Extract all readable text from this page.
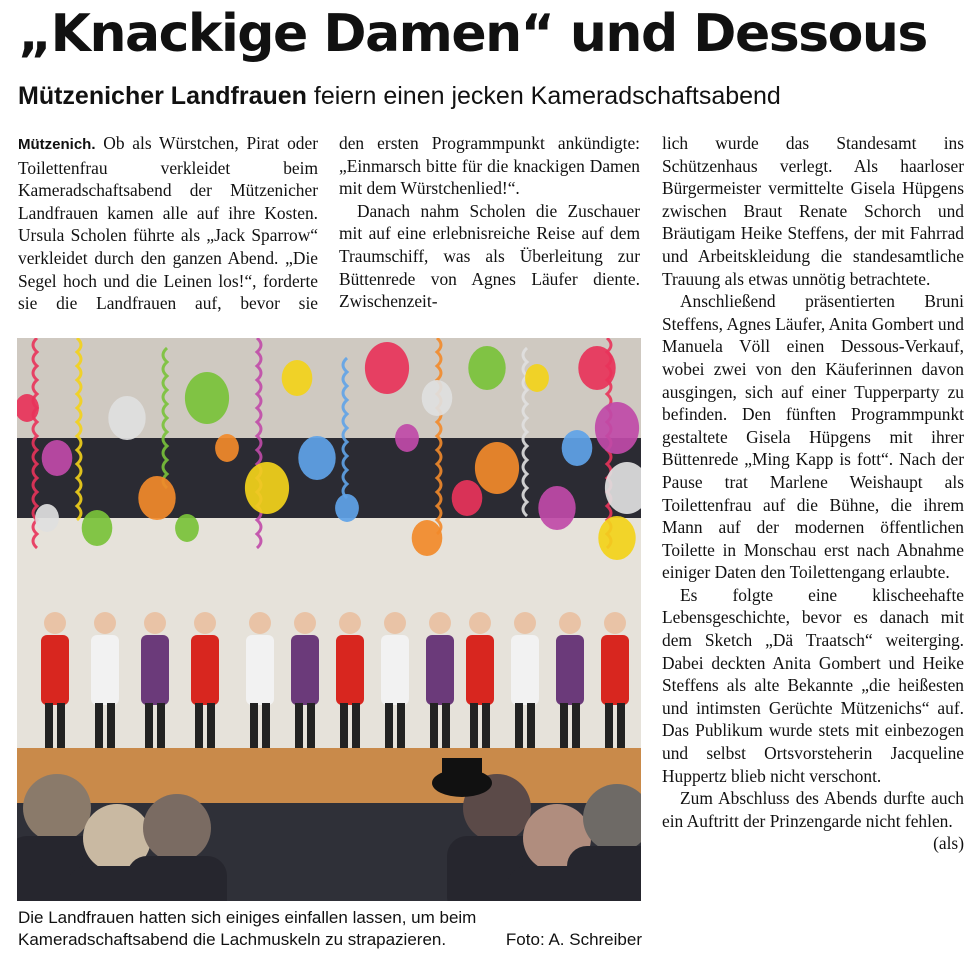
„Knackige Damen“ und Dessous
Mützenicher Landfrauen feiern einen jecken Kameradschaftsabend

Mützenich. Ob als Würstchen, Pirat oder Toilettenfrau verkleidet beim Kameradschaftsabend der Mützenicher Landfrauen kamen alle auf ihre Kosten. Ursula Scholen führte als „Jack Sparrow“ verkleidet durch den ganzen Abend. „Die Segel hoch und die Leinen los!“, forderte sie die Landfrauen auf, bevor sie

den ersten Programmpunkt ankündigte: „Einmarsch bitte für die knackigen Damen mit dem Würstchenlied!“.

Danach nahm Scholen die Zuschauer mit auf eine erlebnisreiche Reise auf dem Traumschiff, was als Überleitung zur Büttenrede von Agnes Läufer diente. Zwischenzeit-

lich wurde das Standesamt ins Schützenhaus verlegt. Als haarloser Bürgermeister vermittelte Gisela Hüpgens zwischen Braut Renate Schorch und Bräutigam Heike Steffens, der mit Fahrrad und Arbeitskleidung die standesamtliche Trauung als etwas unnötig betrachtete.

Anschließend präsentierten Bruni Steffens, Agnes Läufer, Anita Gombert und Manuela Völl einen Dessous-Verkauf, wobei zwei von den Käuferinnen davon ausgingen, sich auf einer Tupperparty zu befinden. Den fünften Programmpunkt gestaltete Gisela Hüpgens mit ihrer Büttenrede „Ming Kapp is fott“. Nach der Pause trat Marlene Weishaupt als Toilettenfrau auf die Bühne, die ihrem Mann auf der modernen öffentlichen Toilette in Monschau erst nach Abnahme einiger Daten den Toilettengang erlaubte.

Es folgte eine klischeehafte Lebensgeschichte, bevor es danach mit dem Sketch „Dä Traatsch“ weiterging. Dabei deckten Anita Gombert und Heike Steffens als alte Bekannte „die heißesten und intimsten Gerüchte Mützenichs“ auf. Das Publikum wurde stets mit einbezogen und selbst Ortsvorsteherin Jacqueline Huppertz blieb nicht verschont.

Zum Abschluss des Abends durfte auch ein Auftritt der Prinzengarde nicht fehlen.
(als)

Die Landfrauen hatten sich einiges einfallen lassen, um beim Kameradschaftsabend die Lachmuskeln zu strapazieren.	Foto: A. Schreiber
